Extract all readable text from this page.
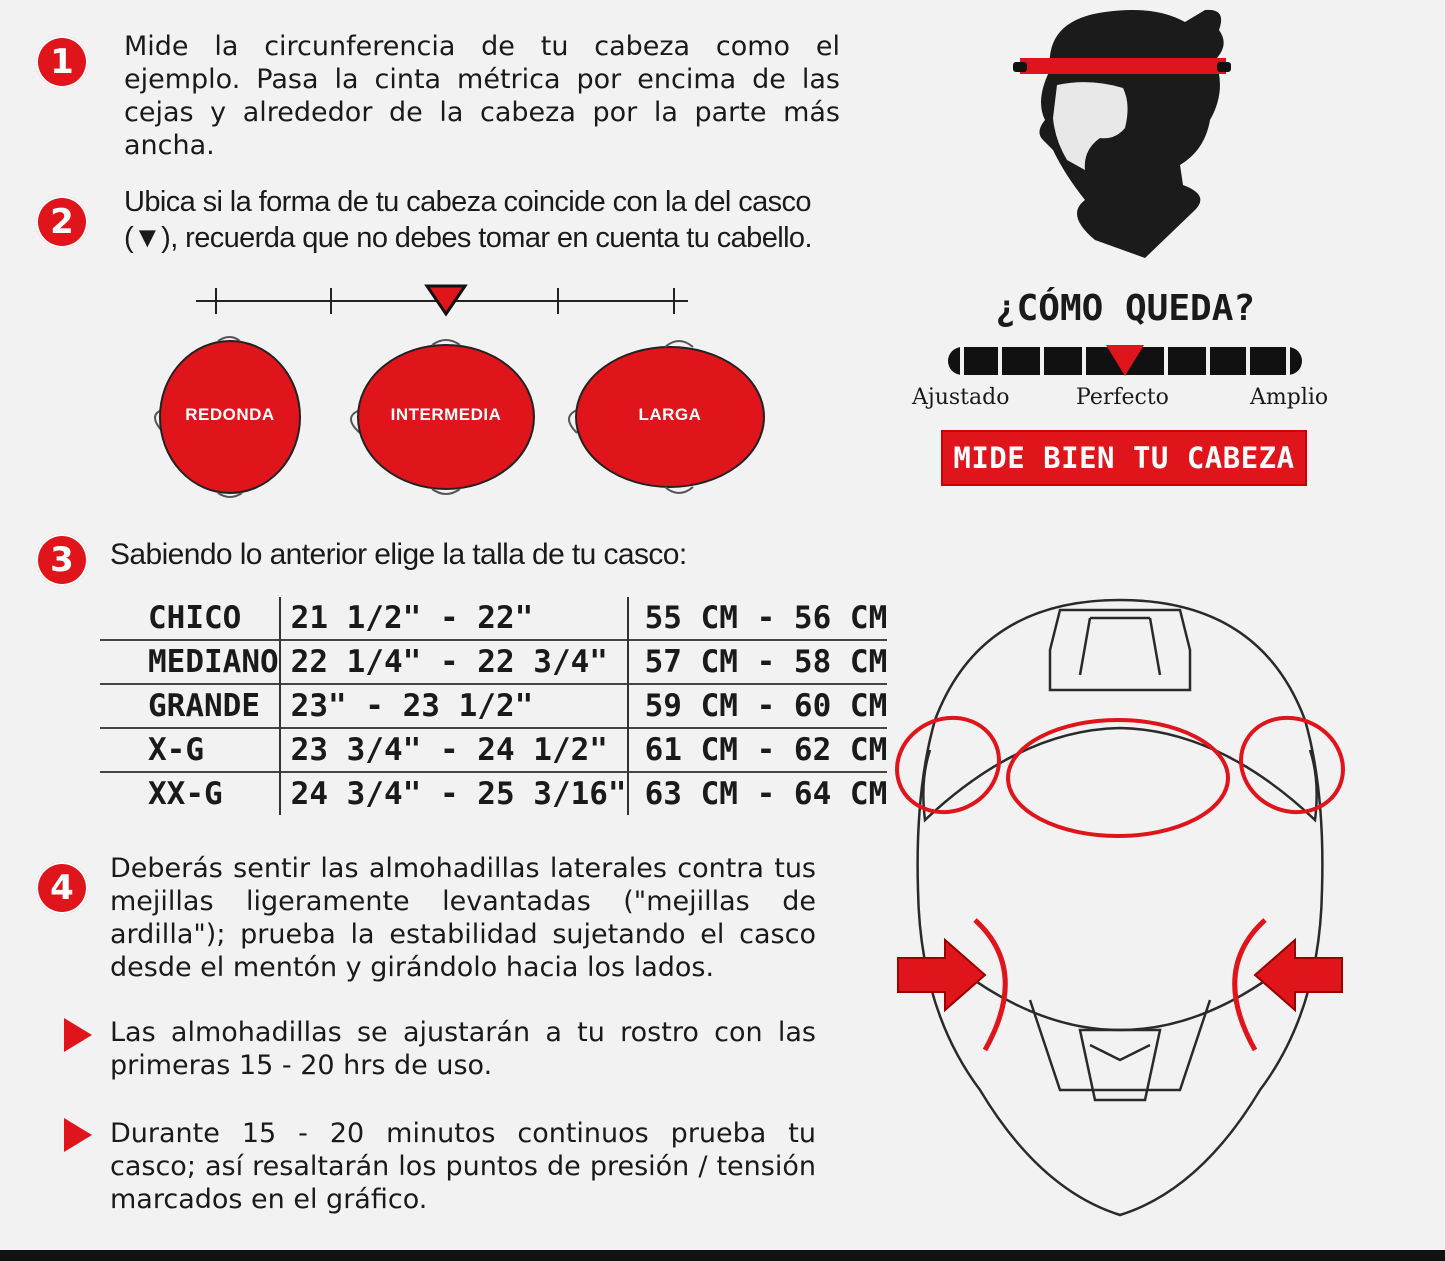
1	Mide la circunferencia de tu cabeza como el ejemplo. Pasa la cinta métrica por encima de las cejas y alrededor de la cabeza por la parte más ancha.
2	Ubica si la forma de tu cabeza coincide con la del casco
(▼), recuerda que no debes tomar en cuenta tu cabello.
REDONDA	INTERMEDIA	LARGA
¿CÓMO QUEDA?
Ajustado	Perfecto	Amplio
MIDE BIEN TU CABEZA
3	Sabiendo lo anterior elige la talla de tu casco:
CHICO	21 1/2" - 22"	55 CM - 56 CM
MEDIANO	22 1/4" - 22 3/4"	57 CM - 58 CM
GRANDE	23" - 23 1/2"	59 CM - 60 CM
X-G	23 3/4" - 24 1/2"	61 CM - 62 CM
XX-G	24 3/4" - 25 3/16"	63 CM - 64 CM
4	Deberás sentir las almohadillas laterales contra tus mejillas ligeramente levantadas ("mejillas de ardilla"); prueba la estabilidad sujetando el casco desde el mentón y girándolo hacia los lados.
Las almohadillas se ajustarán a tu rostro con las primeras 15 - 20 hrs de uso.
Durante 15 - 20 minutos continuos prueba tu casco; así resaltarán los puntos de presión / tensión marcados en el gráfico.
